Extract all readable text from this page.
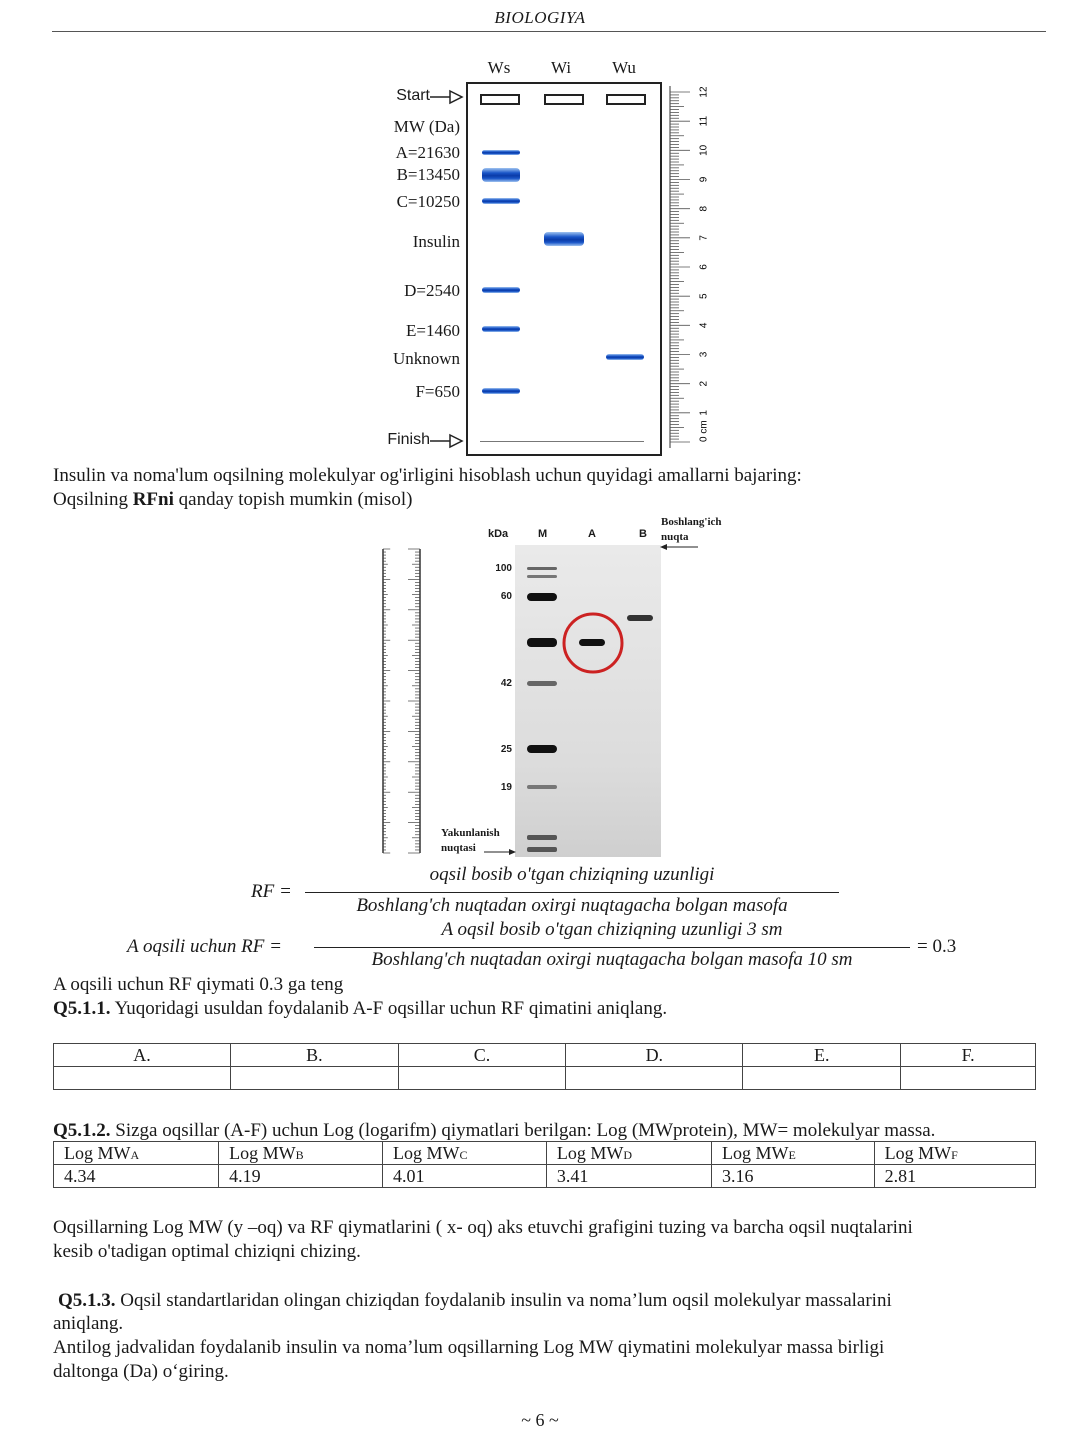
BIOLOGIYA
Ws	Wi	Wu
Start
MW (Da)
A=21630
B=13450
C=10250
Insulin
D=2540
E=1460
Unknown
F=650
Finish	0 cm
1
2
3
4
5
6
7
8
9
10
11
12
Insulin va noma'lum oqsilning molekulyar og'irligini hisoblash uchun quyidagi amallarni bajaring:
Oqsilning RFni qanday topish mumkin (misol)
kDa	M	A	B
Boshlang'ich
nuqta
100
60
42
25
19
Yakunlanish
nuqtasi
RF =
oqsil bosib o'tgan chiziqning uzunligi
Boshlang'ch nuqtadan oxirgi nuqtagacha bolgan masofa
A oqsili uchun RF =
A oqsil bosib o'tgan chiziqning uzunligi 3 sm
Boshlang'ch nuqtadan oxirgi nuqtagacha bolgan masofa 10 sm
= 0.3
A oqsili uchun RF qiymati 0.3 ga teng
Q5.1.1. Yuqoridagi usuldan foydalanib A-F oqsillar uchun RF qimatini aniqlang.
A.	B.	C.	D.	E.	F.

Q5.1.2. Sizga oqsillar (A-F) uchun Log (logarifm) qiymatlari berilgan: Log (MWprotein), MW= molekulyar massa.
Log MWA	Log MWB	Log MWC	Log MWD	Log MWE	Log MWF
4.34	4.19	4.01	3.41	3.16	2.81
Oqsillarning Log MW (y –oq) va RF qiymatlarini ( x- oq) aks etuvchi grafigini tuzing va barcha oqsil nuqtalarini
kesib o'tadigan optimal chiziqni chizing.
Q5.1.3. Oqsil standartlaridan olingan chiziqdan foydalanib insulin va noma’lum oqsil molekulyar massalarini
aniqlang.
Antilog jadvalidan foydalanib insulin va noma’lum oqsillarning Log MW qiymatini molekulyar massa birligi
daltonga (Da) o‘giring.
~ 6 ~
